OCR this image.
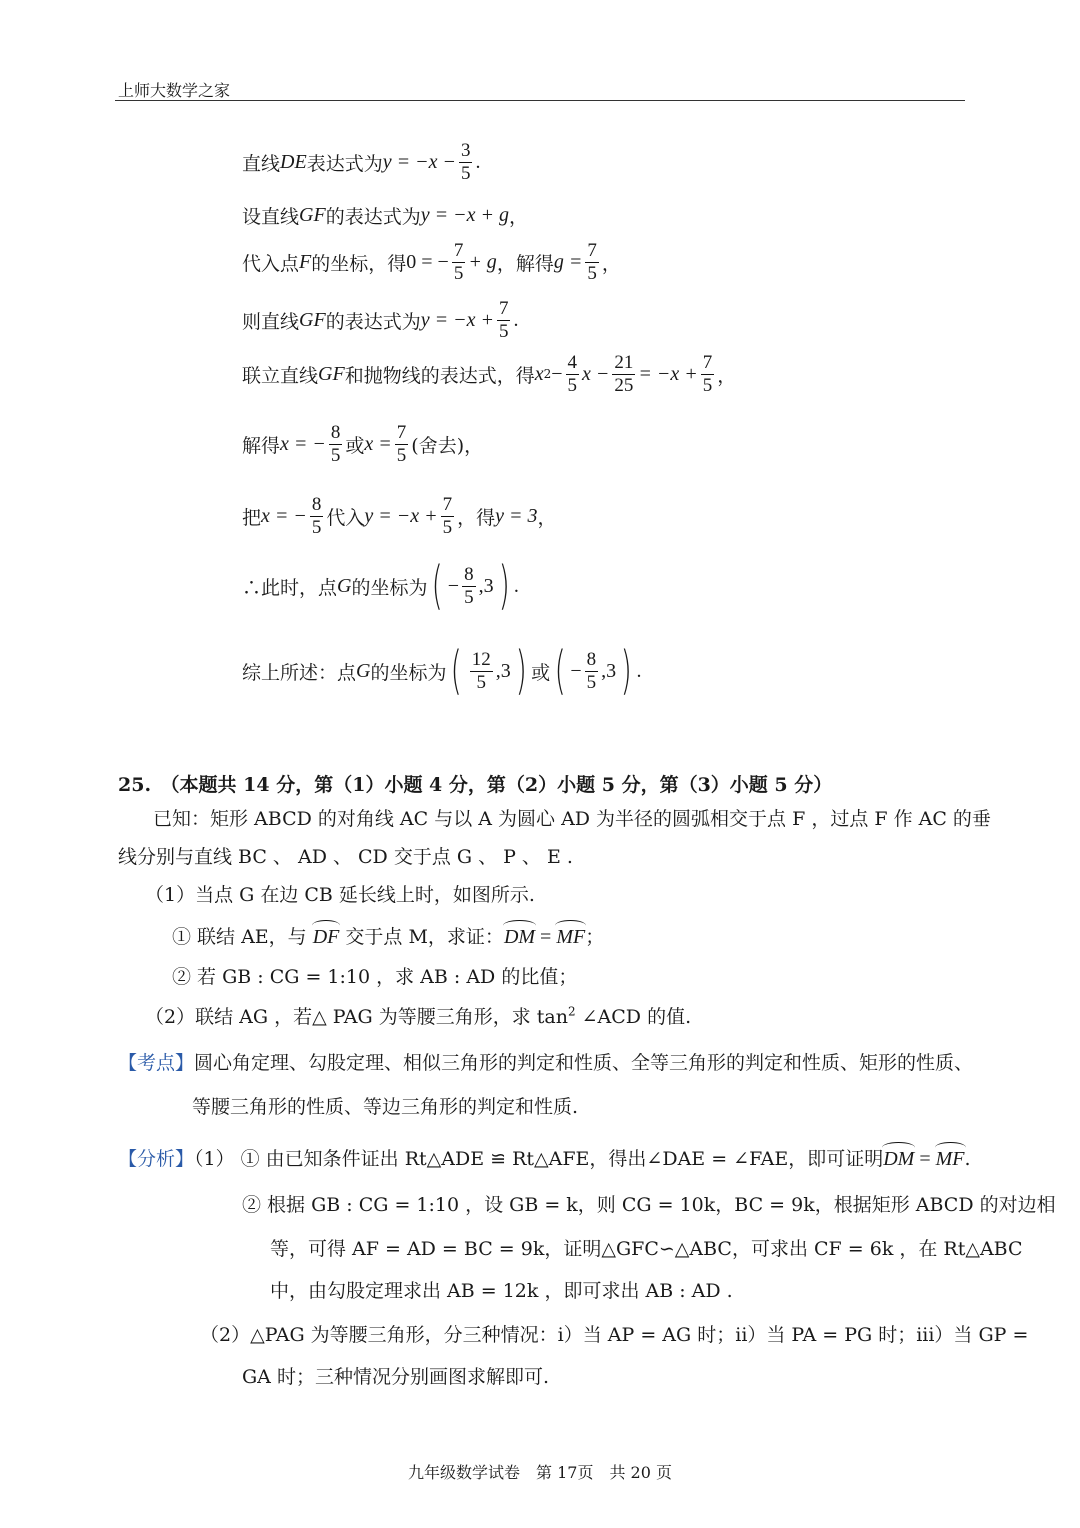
上师大数学之家
直线 DE 表达式为 $y = -x - \frac{3}{5}$ .
设直线 GF 的表达式为 y = −x + g ，
代入点 F 的坐标，得 0 = − $\frac{7}{5} + g$ ，解得 $g = \frac{7}{5}$ ，
则直线 GF 的表达式为 $y = -x + \frac{7}{5}$ .
联立直线 GF 和抛物线的表达式，得 x $2 - \frac{4}{5}$ $x - \frac{21}{25} = -x + \frac{7}{5}$ ，
解得 x = − $\frac{8}{5}$ 或 $x = \frac{7}{5}$ (舍去)，
把 x = − $\frac{8}{5}$ 代入 $y = -x + \frac{7}{5}$ ，得 y = 3 ，
∴此时，点 G 的坐标为 ( − $\frac{8}{5} ,3$ ) .
综上所述：点 G 的坐标为 ( $\frac{12}{5} ,3$ ) 或 ( − $\frac{8}{5} ,3$ ) .
25.　（本题共 14 分，第（1）小题 4 分，第（2）小题 5 分，第（3）小题 5 分）
已知：矩形 ABCD 的对角线 AC 与以 A 为圆心 AD 为半径的圆弧相交于点 F ，过点 F 作 AC 的垂
线分别与直线 BC 、 AD 、 CD 交于点 G 、 P 、 E .
（1）当点 G 在边 CB 延长线上时，如图所示.
① 联结 AE，与 DF 交于点 M，求证：DM = MF；
② 若 GB : CG = 1:10 ，求 AB : AD 的比值；
（2）联结 AG ，若△ PAG 为等腰三角形，求 $\tan^2$ ∠ACD 的值.
【考点】圆心角定理、勾股定理、相似三角形的判定和性质、全等三角形的判定和性质、矩形的性质、
等腰三角形的性质、等边三角形的判定和性质.
【分析】（1） ① 由已知条件证出 Rt△ADE ≌ Rt△AFE，得出∠DAE = ∠FAE，即可证明DM = MF.
② 根据 GB : CG = 1:10 ，设 GB = k，则 CG = 10k，BC = 9k，根据矩形 ABCD 的对边相
等，可得 AF = AD = BC = 9k，证明△GFC∽△ABC，可求出 CF = 6k ，在 Rt△ABC
中，由勾股定理求出 AB = 12k ，即可求出 AB : AD .
（2）△PAG 为等腰三角形，分三种情况：i）当 AP = AG 时；ii）当 PA = PG 时；iii）当 GP =
GA 时；三种情况分别画图求解即可.
九年级数学试卷　第 17页　共 20 页
